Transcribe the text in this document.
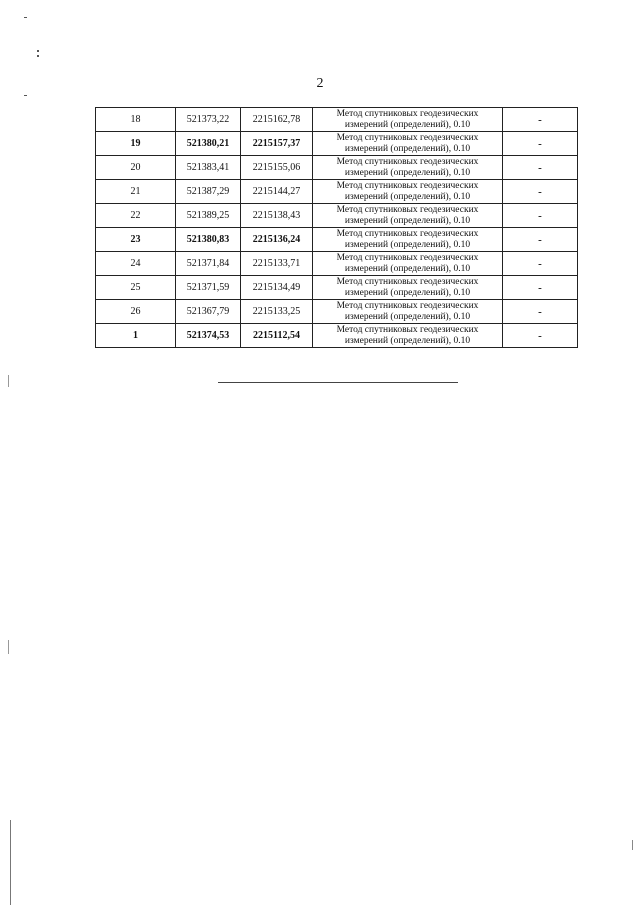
2
18	521373,22	2215162,78	Метод спутниковых геодезических
измерений (определений), 0.10	-
19	521380,21	2215157,37	Метод спутниковых геодезических
измерений (определений), 0.10	-
20	521383,41	2215155,06	Метод спутниковых геодезических
измерений (определений), 0.10	-
21	521387,29	2215144,27	Метод спутниковых геодезических
измерений (определений), 0.10	-
22	521389,25	2215138,43	Метод спутниковых геодезических
измерений (определений), 0.10	-
23	521380,83	2215136,24	Метод спутниковых геодезических
измерений (определений), 0.10	-
24	521371,84	2215133,71	Метод спутниковых геодезических
измерений (определений), 0.10	-
25	521371,59	2215134,49	Метод спутниковых геодезических
измерений (определений), 0.10	-
26	521367,79	2215133,25	Метод спутниковых геодезических
измерений (определений), 0.10	-
1	521374,53	2215112,54	Метод спутниковых геодезических
измерений (определений), 0.10	-
